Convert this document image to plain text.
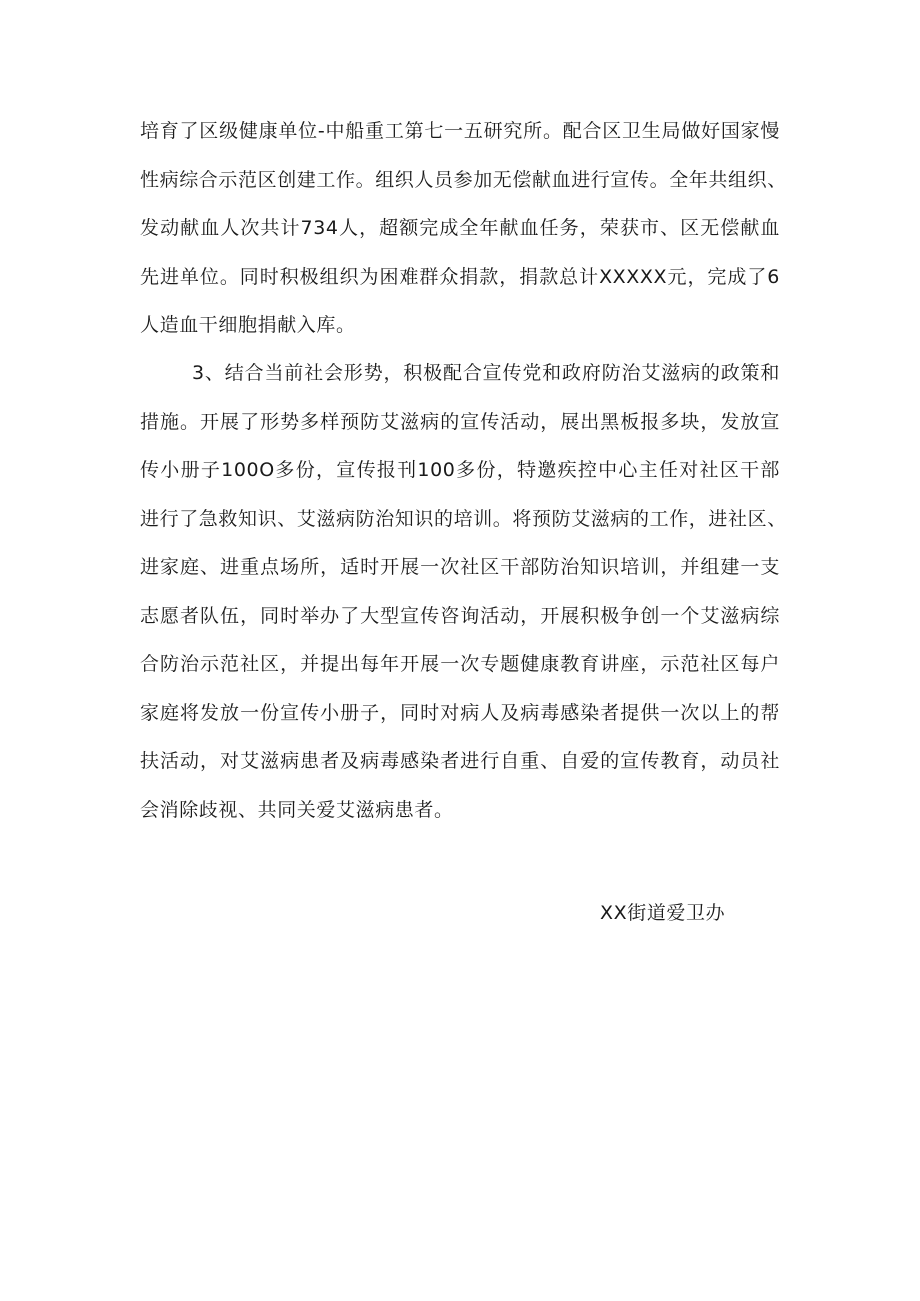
培育了区级健康单位-中船重工第七一五研究所。配合区卫生局做好国家慢
性病综合示范区创建工作。组织人员参加无偿献血进行宣传。全年共组织、
发动献血人次共计734人，超额完成全年献血任务，荣获市、区无偿献血
先进单位。同时积极组织为困难群众捐款，捐款总计XXXXX元，完成了6
人造血干细胞捐献入库。
3、结合当前社会形势，积极配合宣传党和政府防治艾滋病的政策和
措施。开展了形势多样预防艾滋病的宣传活动，展出黑板报多块，发放宣
传小册子100O多份，宣传报刊100多份，特邀疾控中心主任对社区干部
进行了急救知识、艾滋病防治知识的培训。将预防艾滋病的工作，进社区、
进家庭、进重点场所，适时开展一次社区干部防治知识培训，并组建一支
志愿者队伍，同时举办了大型宣传咨询活动，开展积极争创一个艾滋病综
合防治示范社区，并提出每年开展一次专题健康教育讲座，示范社区每户
家庭将发放一份宣传小册子，同时对病人及病毒感染者提供一次以上的帮
扶活动，对艾滋病患者及病毒感染者进行自重、自爱的宣传教育，动员社
会消除歧视、共同关爱艾滋病患者。
XX街道爱卫办
